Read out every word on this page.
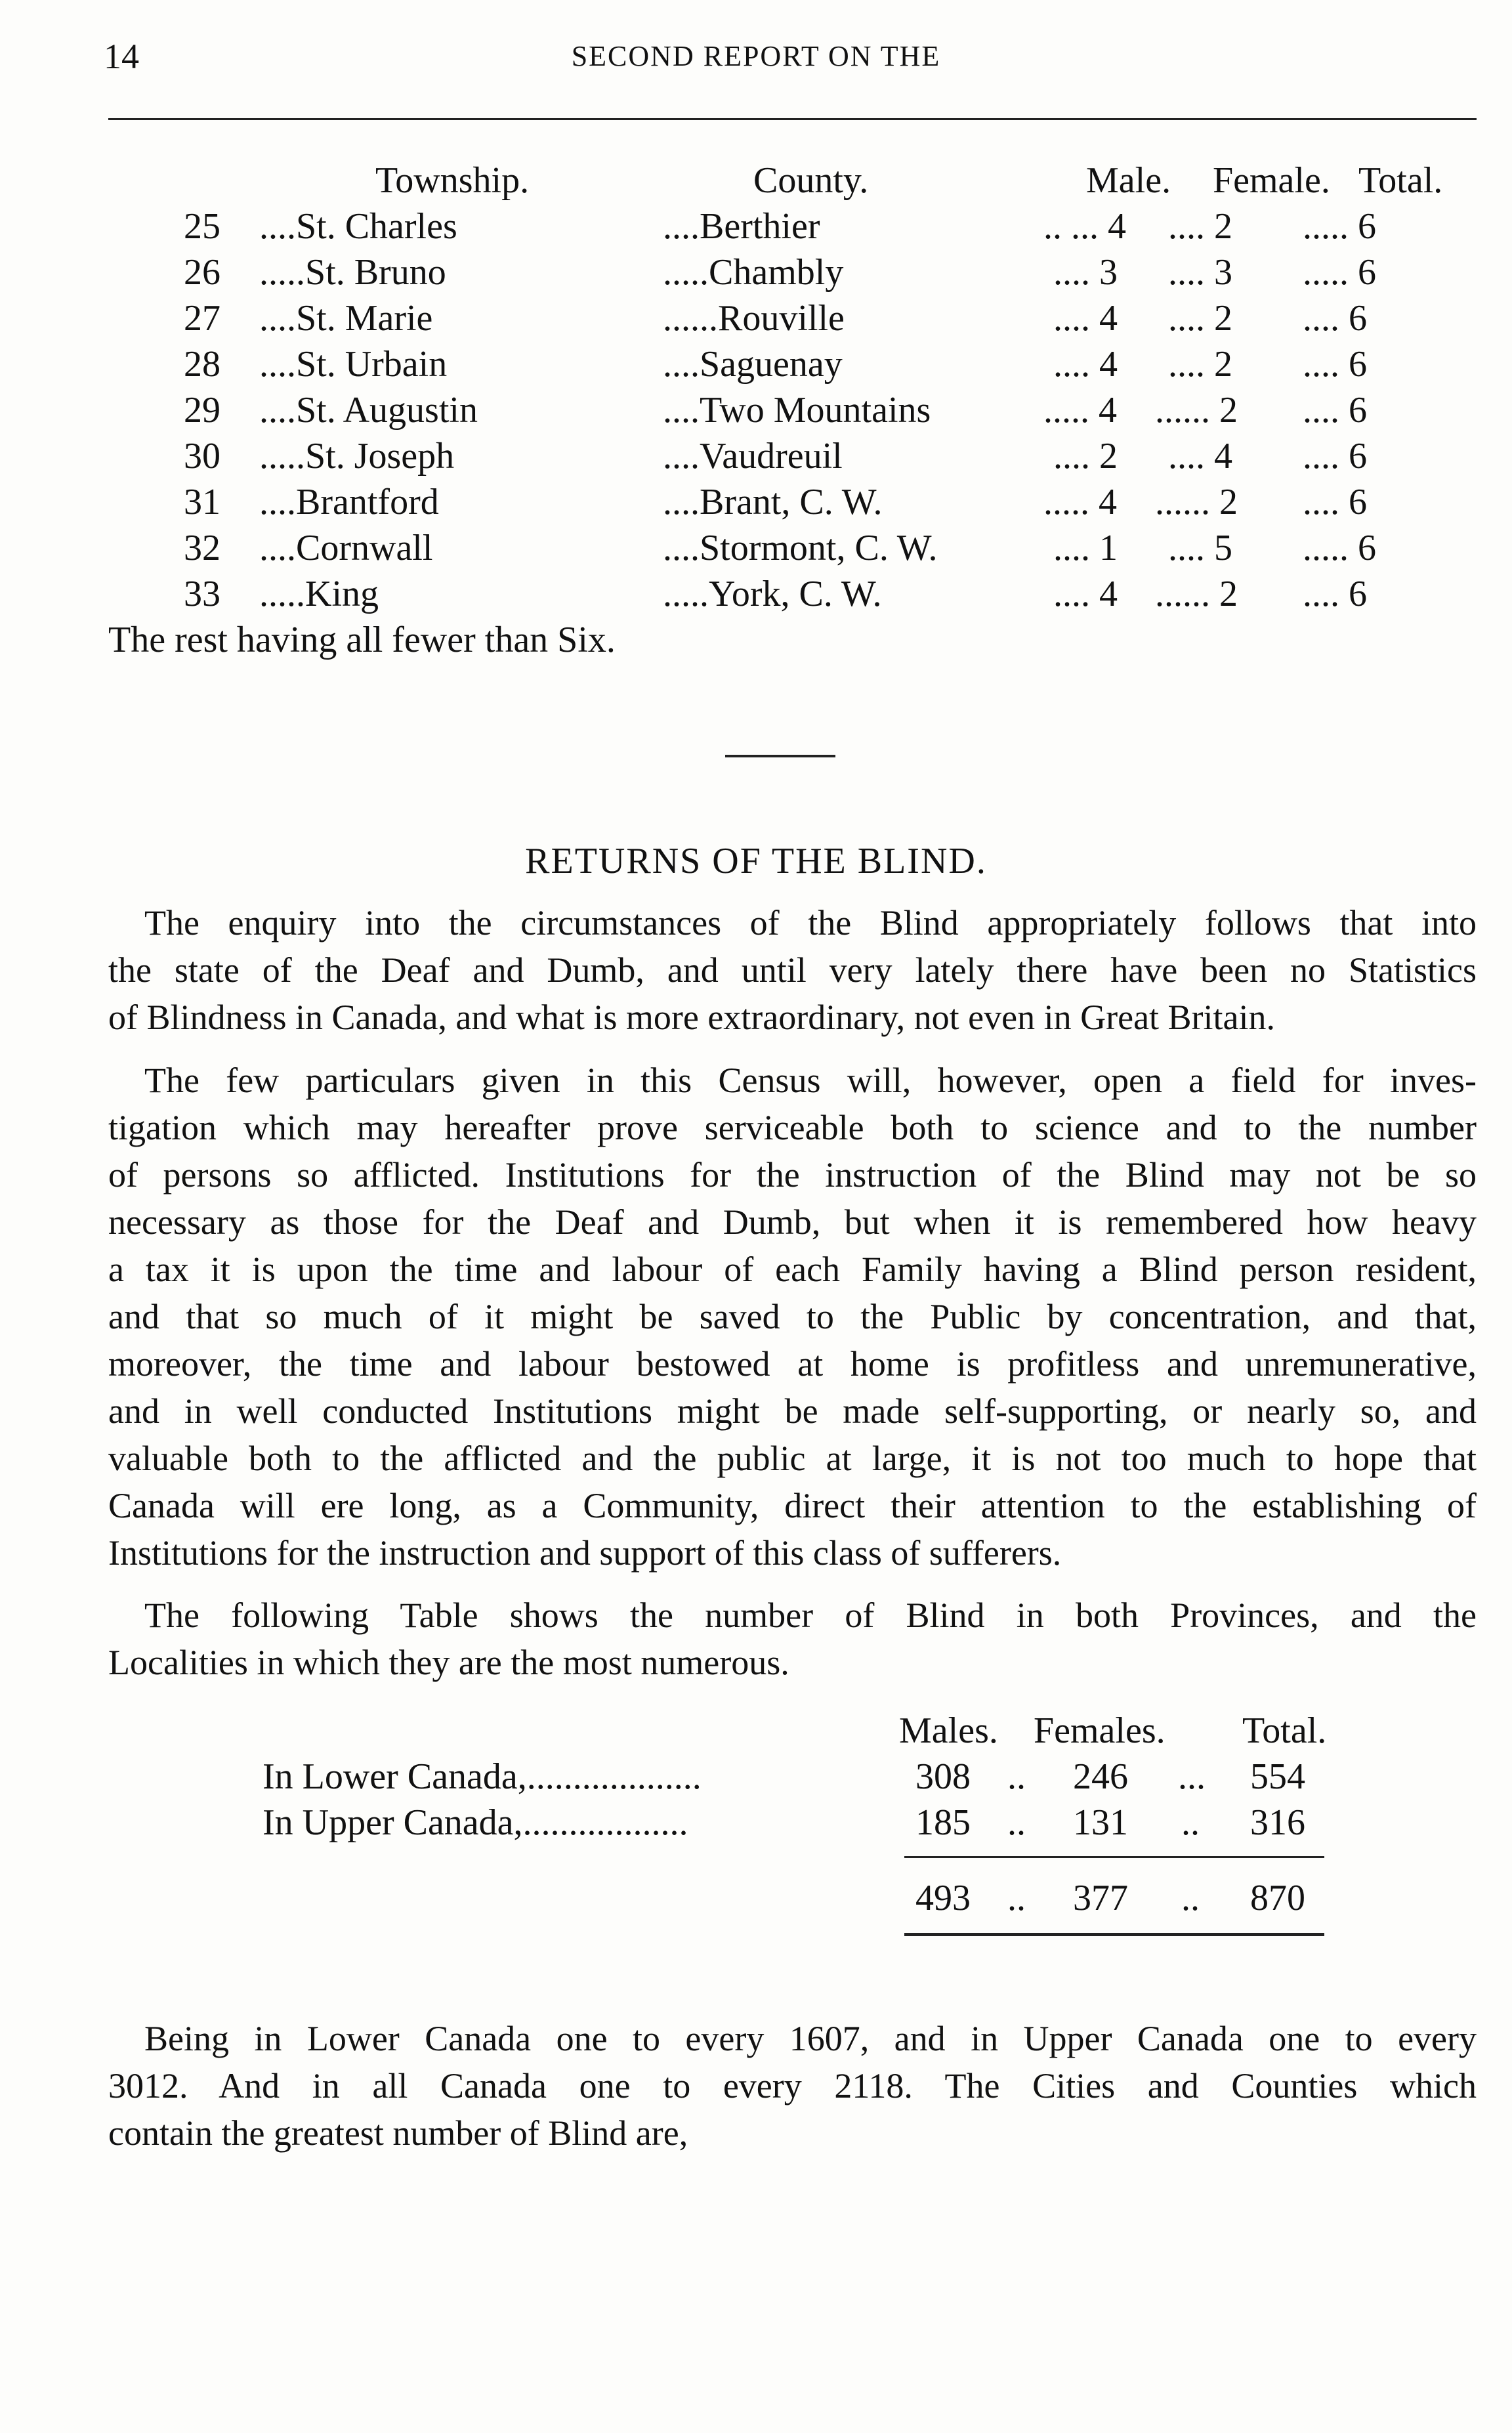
14	SECOND REPORT ON THE
Township.	County.	Male. Female. Total.
25 ....St. Charles	....Berthier	.. ... 4 .... 2 ..... 6
26 .....St. Bruno	.....Chambly	.... 3 .... 3 ..... 6
27 ....St. Marie	......Rouville	.... 4 .... 2 .... 6
28 ....St. Urbain	....Saguenay	.... 4 .... 2 .... 6
29 ....St. Augustin	....Two Mountains	..... 4 ...... 2 .... 6
30 .....St. Joseph	....Vaudreuil	.... 2 .... 4 .... 6
31 ....Brantford	....Brant, C. W.	..... 4 ...... 2 .... 6
32 ....Cornwall	....Stormont, C. W.	.... 1 .... 5 ..... 6
33 .....King	.....York, C. W.	.... 4 ...... 2 .... 6
The rest having all fewer than Six.
RETURNS OF THE BLIND.
The enquiry into the circumstances of the Blind appropriately follows that into
the state of the Deaf and Dumb, and until very lately there have been no Statistics
of Blindness in Canada, and what is more extraordinary, not even in Great Britain.
The few particulars given in this Census will, however, open a field for inves-
tigation which may hereafter prove serviceable both to science and to the number
of persons so afflicted. Institutions for the instruction of the Blind may not be so
necessary as those for the Deaf and Dumb, but when it is remembered how heavy
a tax it is upon the time and labour of each Family having a Blind person resident,
and that so much of it might be saved to the Public by concentration, and that,
moreover, the time and labour bestowed at home is profitless and unremunerative,
and in well conducted Institutions might be made self-supporting, or nearly so, and
valuable both to the afflicted and the public at large, it is not too much to hope that
Canada will ere long, as a Community, direct their attention to the establishing of
Institutions for the instruction and support of this class of sufferers.
The following Table shows the number of Blind in both Provinces, and the
Localities in which they are the most numerous.
Males. Females. Total.
In Lower Canada,...................	308 .. 246 ... 554
In Upper Canada,..................	185 .. 131 .. 316
493 .. 377 .. 870
Being in Lower Canada one to every 1607, and in Upper Canada one to every
3012. And in all Canada one to every 2118. The Cities and Counties which
contain the greatest number of Blind are,
